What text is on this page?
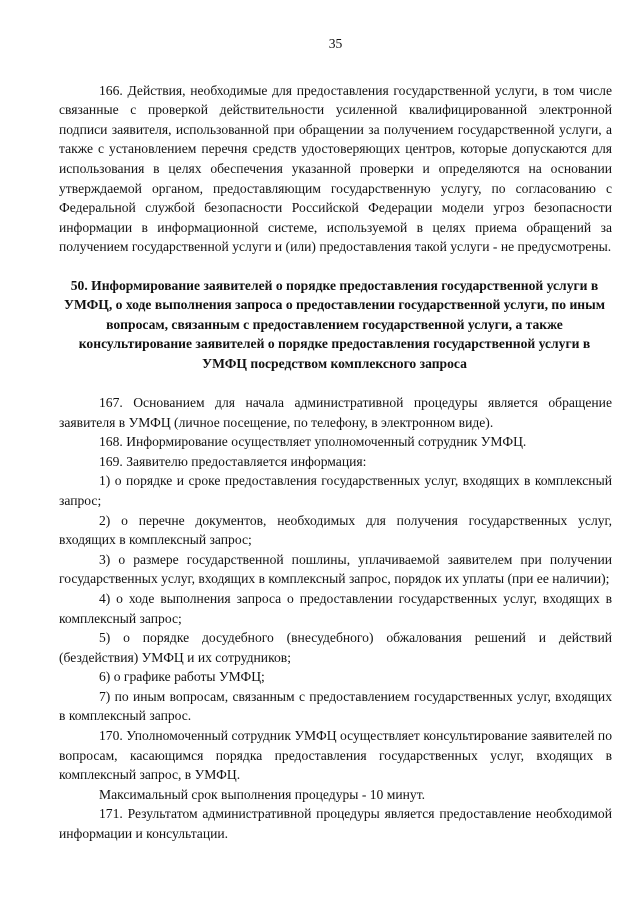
35

166. Действия, необходимые для предоставления государственной услуги, в том числе связанные с проверкой действительности усиленной квалифицированной электронной подписи заявителя, использованной при обращении за получением государственной услуги, а также с установлением перечня средств удостоверяющих центров, которые допускаются для использования в целях обеспечения указанной проверки и определяются на основании утверждаемой органом, предоставляющим государственную услугу, по согласованию с Федеральной службой безопасности Российской Федерации модели угроз безопасности информации в информационной системе, используемой в целях приема обращений за получением государственной услуги и (или) предоставления такой услуги - не предусмотрены.

50. Информирование заявителей о порядке предоставления государственной услуги в УМФЦ, о ходе выполнения запроса о предоставлении государственной услуги, по иным вопросам, связанным с предоставлением государственной услуги, а также консультирование заявителей о порядке предоставления государственной услуги в УМФЦ посредством комплексного запроса

167. Основанием для начала административной процедуры является обращение заявителя в УМФЦ (личное посещение, по телефону, в электронном виде).

168. Информирование осуществляет уполномоченный сотрудник УМФЦ.

169. Заявителю предоставляется информация:

1) о порядке и сроке предоставления государственных услуг, входящих в комплексный запрос;

2) о перечне документов, необходимых для получения государственных услуг, входящих в комплексный запрос;

3) о размере государственной пошлины, уплачиваемой заявителем при получении государственных услуг, входящих в комплексный запрос, порядок их уплаты (при ее наличии);

4) о ходе выполнения запроса о предоставлении государственных услуг, входящих в комплексный запрос;

5) о порядке досудебного (внесудебного) обжалования решений и действий (бездействия) УМФЦ и их сотрудников;

6) о графике работы УМФЦ;

7) по иным вопросам, связанным с предоставлением государственных услуг, входящих в комплексный запрос.

170. Уполномоченный сотрудник УМФЦ осуществляет консультирование заявителей по вопросам, касающимся порядка предоставления государственных услуг, входящих в комплексный запрос, в УМФЦ.

Максимальный срок выполнения процедуры - 10 минут.

171. Результатом административной процедуры является предоставление необходимой информации и консультации.
